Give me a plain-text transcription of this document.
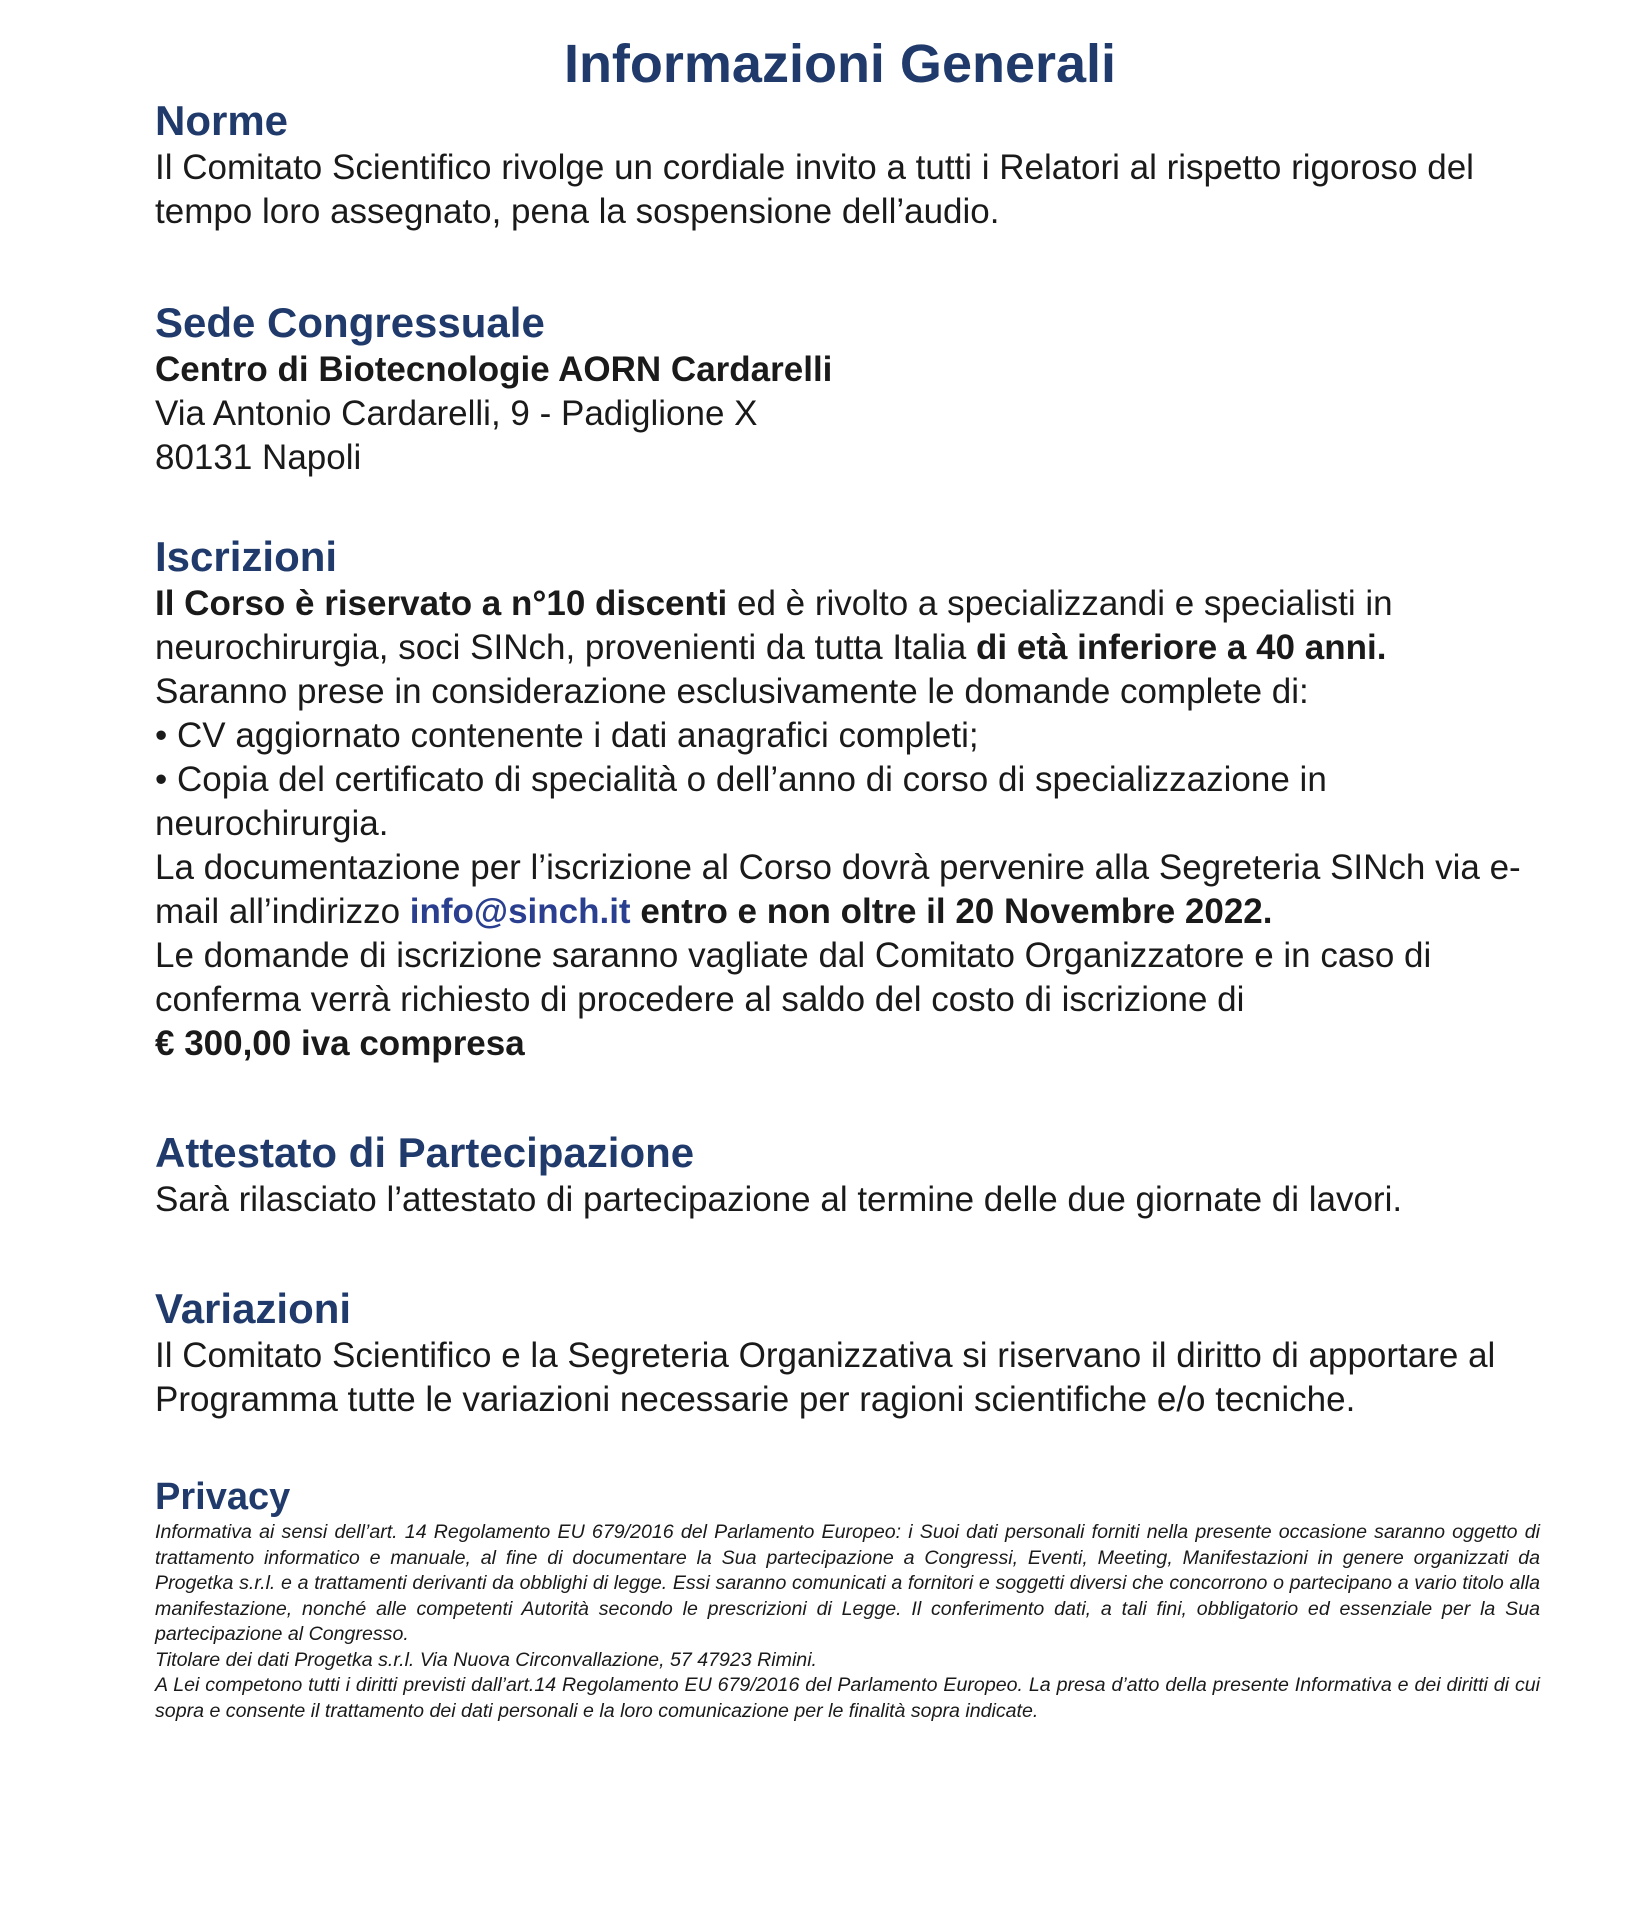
Informazioni Generali
Norme

Il Comitato Scientifico rivolge un cordiale invito a tutti i Relatori al rispetto rigoroso del tempo loro assegnato, pena la sospensione dell’audio.

Sede Congressuale

Centro di Biotecnologie AORN Cardarelli

Via Antonio Cardarelli, 9 - Padiglione X

80131 Napoli

Iscrizioni

Il Corso è riservato a n°10 discenti ed è rivolto a specializzandi e specialisti in neurochirurgia, soci SINch, provenienti da tutta Italia di età inferiore a 40 anni.

Saranno prese in considerazione esclusivamente le domande complete di:

• CV aggiornato contenente i dati anagrafici completi;

• Copia del certificato di specialità o dell’anno di corso di specializzazione in neurochirurgia.

La documentazione per l’iscrizione al Corso dovrà pervenire alla Segreteria SINch via e-mail all’indirizzo info@sinch.it entro e non oltre il 20 Novembre 2022.

Le domande di iscrizione saranno vagliate dal Comitato Organizzatore e in caso di conferma verrà richiesto di procedere al saldo del costo di iscrizione di

€ 300,00 iva compresa

Attestato di Partecipazione

Sarà rilasciato l’attestato di partecipazione al termine delle due giornate di lavori.

Variazioni

Il Comitato Scientifico e la Segreteria Organizzativa si riservano il diritto di apportare al Programma tutte le variazioni necessarie per ragioni scientifiche e/o tecniche.

Privacy

Informativa ai sensi dell’art. 14 Regolamento EU 679/2016 del Parlamento Europeo: i Suoi dati personali forniti nella presente occasione saranno oggetto di trattamento informatico e manuale, al fine di documentare la Sua partecipazione a Congressi, Eventi, Meeting, Manifestazioni in genere organizzati da Progetka s.r.l. e a trattamenti derivanti da obblighi di legge. Essi saranno comunicati a fornitori e soggetti diversi che concorrono o partecipano a vario titolo alla manifestazione, nonché alle competenti Autorità secondo le prescrizioni di Legge. Il conferimento dati, a tali fini, obbligatorio ed essenziale per la Sua partecipazione al Congresso.

Titolare dei dati Progetka s.r.l. Via Nuova Circonvallazione, 57 47923 Rimini.

A Lei competono tutti i diritti previsti dall’art.14 Regolamento EU 679/2016 del Parlamento Europeo. La presa d’atto della presente Informativa e dei diritti di cui sopra e consente il trattamento dei dati personali e la loro comunicazione per le finalità sopra indicate.
